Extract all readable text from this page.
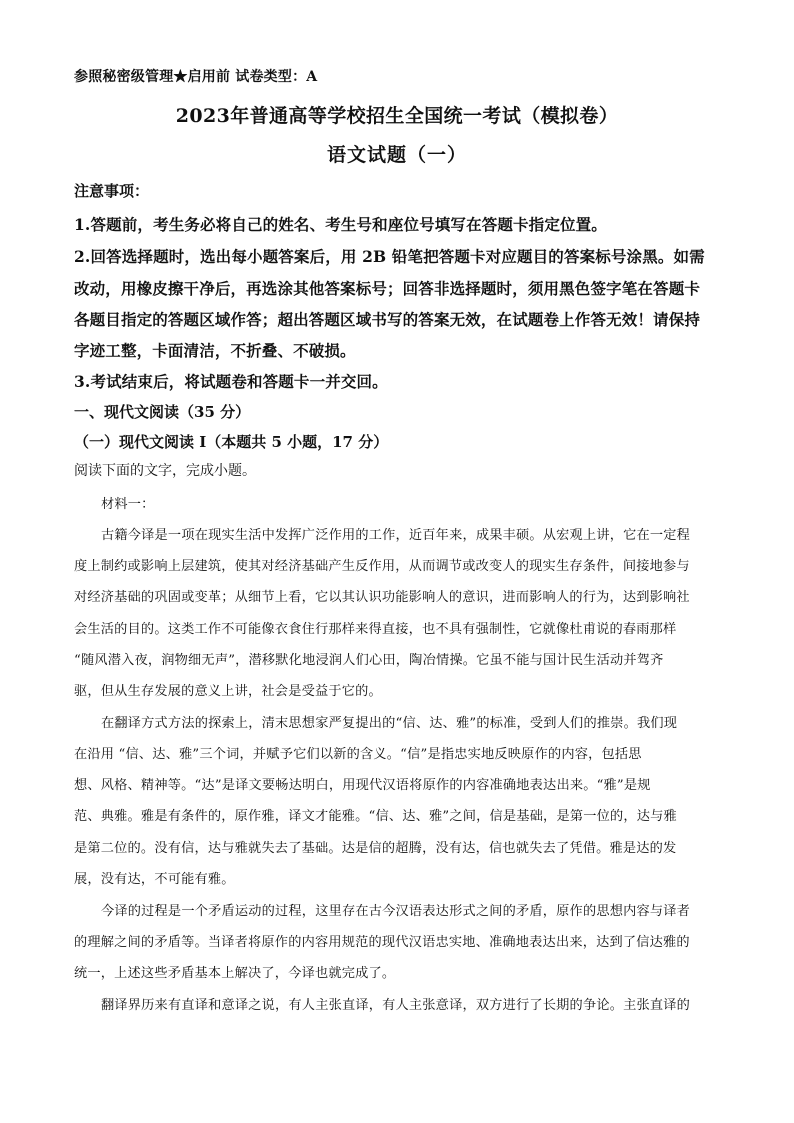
参照秘密级管理★启用前 试卷类型：A
2023年普通高等学校招生全国统一考试（模拟卷）
语文试题（一）
注意事项：
1.答题前，考生务必将自己的姓名、考生号和座位号填写在答题卡指定位置。
2.回答选择题时，选出每小题答案后，用 2B 铅笔把答题卡对应题目的答案标号涂黑。如需
改动，用橡皮擦干净后，再选涂其他答案标号；回答非选择题时，须用黑色签字笔在答题卡
各题目指定的答题区域作答；超出答题区域书写的答案无效，在试题卷上作答无效！请保持
字迹工整，卡面清洁，不折叠、不破损。
3.考试结束后，将试题卷和答题卡一并交回。
一、现代文阅读（35 分）
（一）现代文阅读 I（本题共 5 小题，17 分）
阅读下面的文字，完成小题。
材料一：
古籍今译是一项在现实生活中发挥广泛作用的工作，近百年来，成果丰硕。从宏观上讲，它在一定程
度上制约或影响上层建筑，使其对经济基础产生反作用，从而调节或改变人的现实生存条件，间接地参与
对经济基础的巩固或变革；从细节上看，它以其认识功能影响人的意识，进而影响人的行为，达到影响社
会生活的目的。这类工作不可能像衣食住行那样来得直接，也不具有强制性，它就像杜甫说的春雨那样
“随风潜入夜，润物细无声”，潜移默化地浸润人们心田，陶冶情操。它虽不能与国计民生活动并驾齐
驱，但从生存发展的意义上讲，社会是受益于它的。
在翻译方式方法的探索上，清末思想家严复提出的“信、达、雅”的标准，受到人们的推崇。我们现
在沿用 “信、达、雅”三个词，并赋予它们以新的含义。“信”是指忠实地反映原作的内容，包括思
想、风格、精神等。“达”是译文要畅达明白，用现代汉语将原作的内容准确地表达出来。“雅”是规
范、典雅。雅是有条件的，原作雅，译文才能雅。“信、达、雅”之间，信是基础，是第一位的，达与雅
是第二位的。没有信，达与雅就失去了基础。达是信的超腾，没有达，信也就失去了凭借。雅是达的发
展，没有达，不可能有雅。
今译的过程是一个矛盾运动的过程，这里存在古今汉语表达形式之间的矛盾，原作的思想内容与译者
的理解之间的矛盾等。当译者将原作的内容用规范的现代汉语忠实地、准确地表达出来，达到了信达雅的
统一，上述这些矛盾基本上解决了，今译也就完成了。
翻译界历来有直译和意译之说，有人主张直译，有人主张意译，双方进行了长期的争论。主张直译的
